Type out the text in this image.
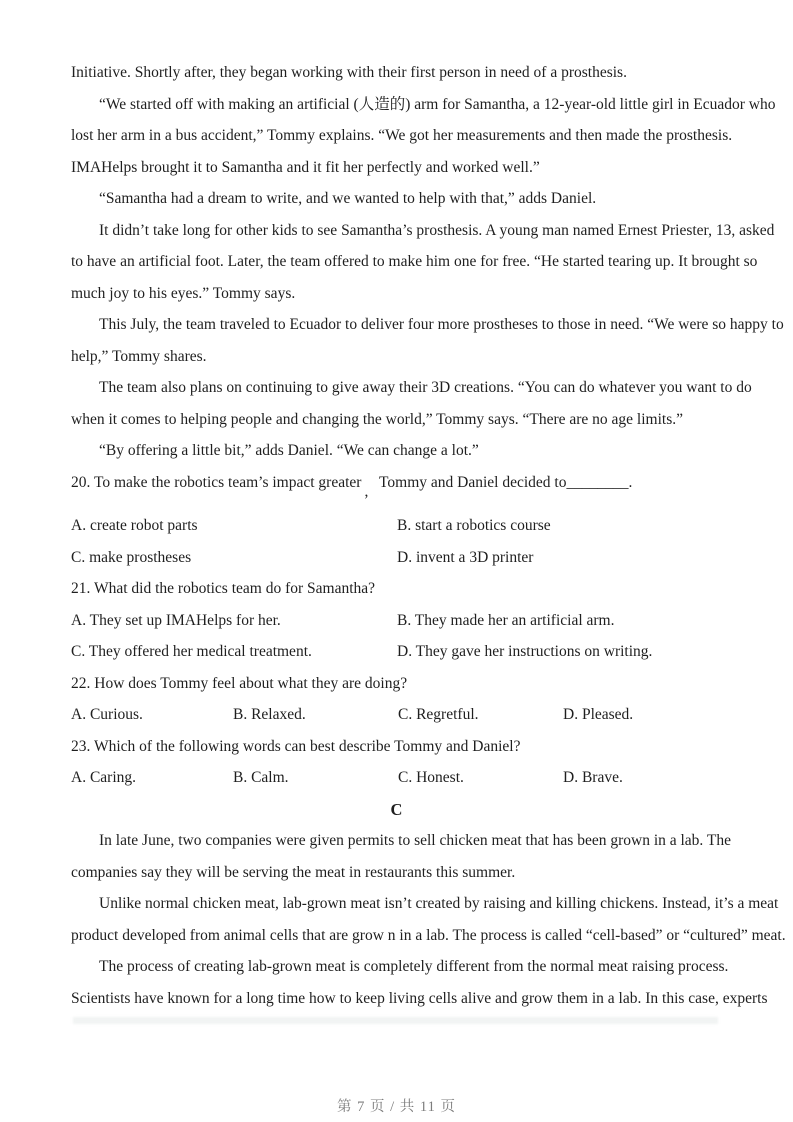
Initiative. Shortly after, they began working with their first person in need of a prosthesis.
“We started off with making an artificial (人造的) arm for Samantha, a 12-year-old little girl in Ecuador who
lost her arm in a bus accident,” Tommy explains. “We got her measurements and then made the prosthesis.
IMAHelps brought it to Samantha and it fit her perfectly and worked well.”
“Samantha had a dream to write, and we wanted to help with that,” adds Daniel.
It didn’t take long for other kids to see Samantha’s prosthesis. A young man named Ernest Priester, 13, asked
to have an artificial foot. Later, the team offered to make him one for free. “He started tearing up. It brought so
much joy to his eyes.” Tommy says.
This July, the team traveled to Ecuador to deliver four more prostheses to those in need. “We were so happy to
help,” Tommy shares.
The team also plans on continuing to give away their 3D creations. “You can do whatever you want to do
when it comes to helping people and changing the world,” Tommy says. “There are no age limits.”
“By offering a little bit,” adds Daniel. “We can change a lot.”
20. To make the robotics team’s impact greater, Tommy and Daniel decided to________.
A. create robot parts	B. start a robotics course
C. make prostheses	D. invent a 3D printer
21. What did the robotics team do for Samantha?
A. They set up IMAHelps for her.	B. They made her an artificial arm.
C. They offered her medical treatment.	D. They gave her instructions on writing.
22. How does Tommy feel about what they are doing?
A. Curious.	B. Relaxed.	C. Regretful.	D. Pleased.
23. Which of the following words can best describe Tommy and Daniel?
A. Caring.	B. Calm.	C. Honest.	D. Brave.
C
In late June, two companies were given permits to sell chicken meat that has been grown in a lab. The
companies say they will be serving the meat in restaurants this summer.
Unlike normal chicken meat, lab-grown meat isn’t created by raising and killing chickens. Instead, it’s a meat
product developed from animal cells that are grow n in a lab. The process is called “cell-based” or “cultured” meat.
The process of creating lab-grown meat is completely different from the normal meat raising process.
Scientists have known for a long time how to keep living cells alive and grow them in a lab. In this case, experts
第 7 页 / 共 11 页
